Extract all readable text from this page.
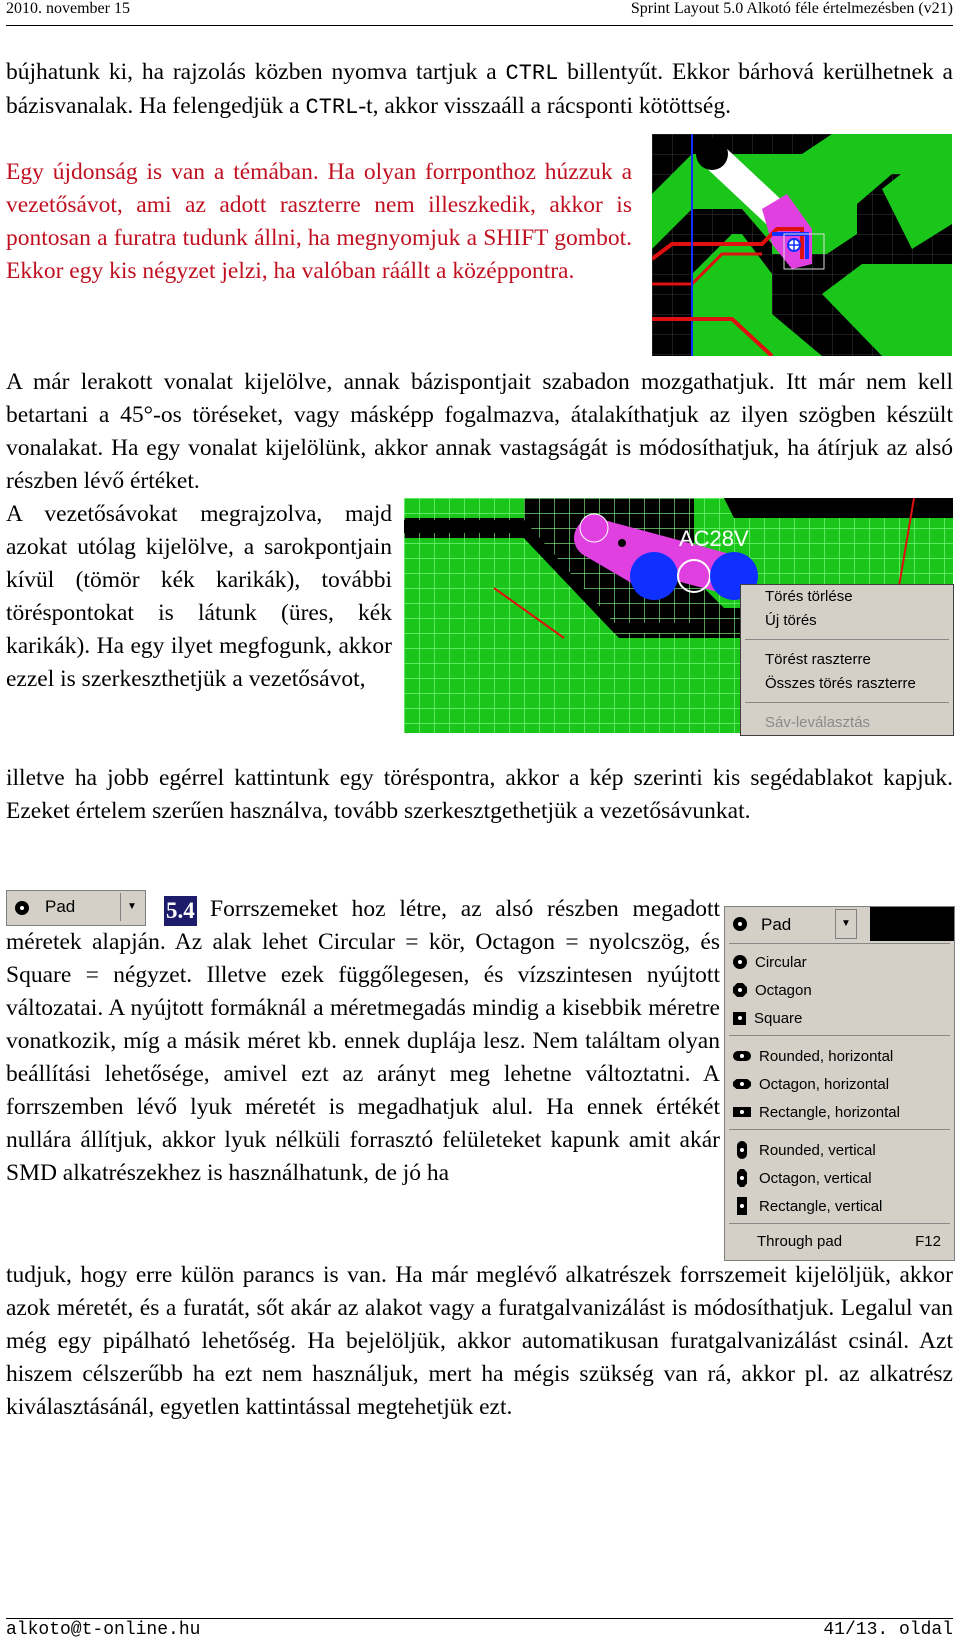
2010. november 15	Sprint Layout 5.0 Alkotó féle értelmezésben (v21)
bújhatunk ki, ha rajzolás közben nyomva tartjuk a CTRL billentyűt. Ekkor bárhová kerülhetnek a bázisvanalak. Ha felengedjük a CTRL-t, akkor visszaáll a rácsponti kötöttség.
Egy újdonság is van a témában. Ha olyan forrponthoz húzzuk a vezetősávot, ami az adott raszterre nem illeszkedik, akkor is pontosan a furatra tudunk állni, ha megnyomjuk a SHIFT gombot. Ekkor egy kis négyzet jelzi, ha valóban ráállt a középpontra.
A már lerakott vonalat kijelölve, annak bázispontjait szabadon mozgathatjuk. Itt már nem kell betartani a 45°-os töréseket, vagy másképp fogalmazva, átalakíthatjuk az ilyen szögben készült vonalakat. Ha egy vonalat kijelölünk, akkor annak vastagságát is módosíthatjuk, ha átírjuk az alsó részben lévő értéket.
A vezetősávokat megrajzolva, majd azokat utólag kijelölve, a sarokpontjain kívül (tömör kék karikák), további töréspontokat is látunk (üres, kék karikák). Ha egy ilyet megfogunk, akkor ezzel is szerkeszthetjük a vezetősávot,
illetve ha jobb egérrel kattintunk egy töréspontra, akkor a kép szerinti kis segédablakot kapjuk. Ezeket értelem szerűen használva, tovább szerkesztgethetjük a vezetősávunkat.
AC28V
Törés törlése
Új törés
Törést raszterre
Összes törés raszterre
Sáv-leválasztás
Pad	▼ 5.4 Forrszemeket hoz létre, az alsó részben megadott méretek alapján. Az alak lehet Circular = kör, Octagon = nyolcszög, és Square = négyzet. Illetve ezek függőlegesen, és vízszintesen nyújtott változatai. A nyújtott formáknál a méretmegadás mindig a kisebbik méretre vonatkozik, míg a másik méret kb. ennek duplája lesz. Nem találtam olyan beállítási lehetősége, amivel ezt az arányt meg lehetne változtatni. A forrszemben lévő lyuk méretét is megadhatjuk alul. Ha ennek értékét nullára állítjuk, akkor lyuk nélküli forrasztó felületeket kapunk amit akár SMD alkatrészekhez is használhatunk, de jó ha
tudjuk, hogy erre külön parancs is van. Ha már meglévő alkatrészek forrszemeit kijelöljük, akkor azok méretét, és a furatát, sőt akár az alakot vagy a furatgalvanizálást is módosíthatjuk. Legalul van még egy pipálható lehetőség. Ha bejelöljük, akkor automatikusan furatgalvanizálást csinál. Azt hiszem célszerűbb ha ezt nem használjuk, mert ha mégis szükség van rá, akkor pl. az alkatrész kiválasztásánál, egyetlen kattintással megtehetjük ezt.
Pad	▼
Circular
Octagon
Square
Rounded, horizontal
Octagon, horizontal
Rectangle, horizontal
Rounded, vertical
Octagon, vertical
Rectangle, vertical
Through pad	F12
alkoto@t-online.hu	41/13. oldal
